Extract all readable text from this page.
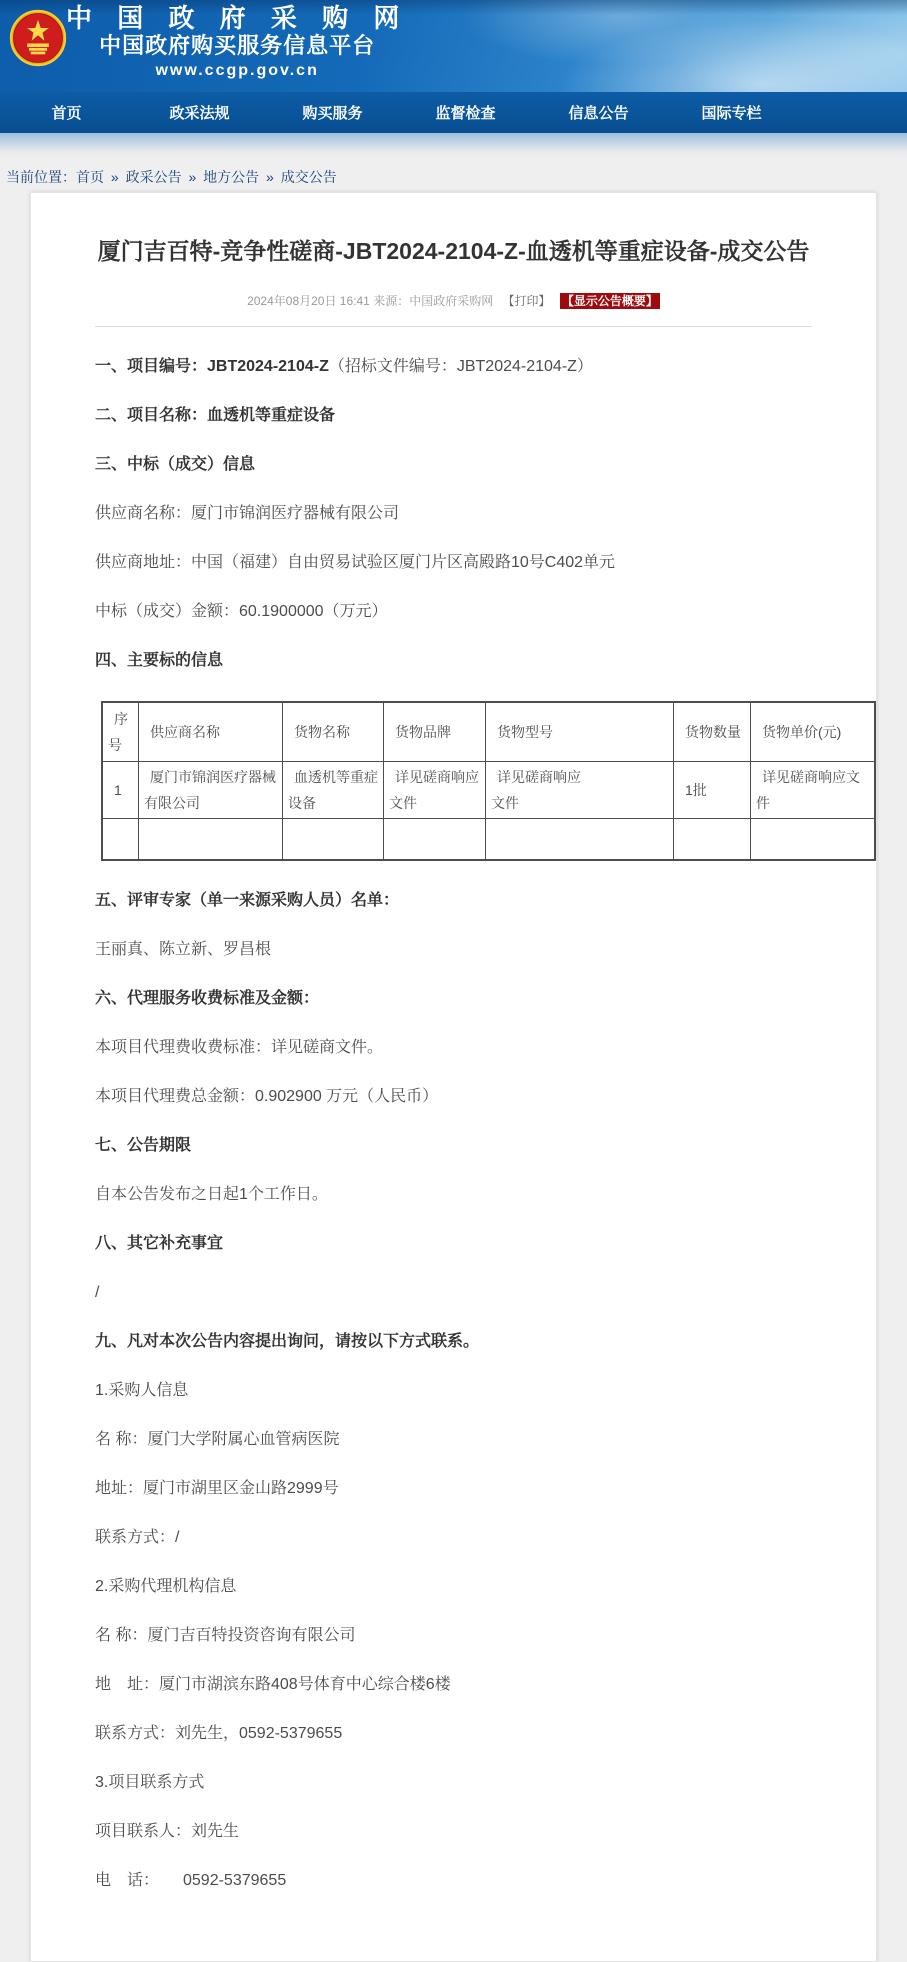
中 国 政 府 采 购 网
中国政府购买服务信息平台
www.ccgp.gov.cn
首页	政采法规	购买服务	监督检查	信息公告	国际专栏
当前位置：首页 » 政采公告 » 地方公告 » 成交公告
厦门吉百特-竞争性磋商-JBT2024-2104-Z-血透机等重症设备-成交公告
2024年08月20日 16:41 来源：中国政府采购网 【打印】 【显示公告概要】

一、项目编号：JBT2024-2104-Z（招标文件编号：JBT2024-2104-Z）

二、项目名称：血透机等重症设备

三、中标（成交）信息

供应商名称：厦门市锦润医疗器械有限公司

供应商地址：中国（福建）自由贸易试验区厦门片区高殿路10号C402单元

中标（成交）金额：60.1900000（万元）

四、主要标的信息

序号	供应商名称	货物名称	货物品牌	货物型号	货物数量	货物单价(元)
1	厦门市锦润医疗器械有限公司	血透机等重症设备	详见磋商响应文件	详见磋商响应文件	1批	详见磋商响应文件

五、评审专家（单一来源采购人员）名单：

王丽真、陈立新、罗昌根

六、代理服务收费标准及金额：

本项目代理费收费标准：详见磋商文件。

本项目代理费总金额：0.902900 万元（人民币）

七、公告期限

自本公告发布之日起1个工作日。

八、其它补充事宜

/

九、凡对本次公告内容提出询问，请按以下方式联系。

1.采购人信息

名 称：厦门大学附属心血管病医院

地址：厦门市湖里区金山路2999号

联系方式：/

2.采购代理机构信息

名 称：厦门吉百特投资咨询有限公司

地　址：厦门市湖滨东路408号体育中心综合楼6楼

联系方式：刘先生，0592-5379655

3.项目联系方式

项目联系人：刘先生

电　话：　　0592-5379655
